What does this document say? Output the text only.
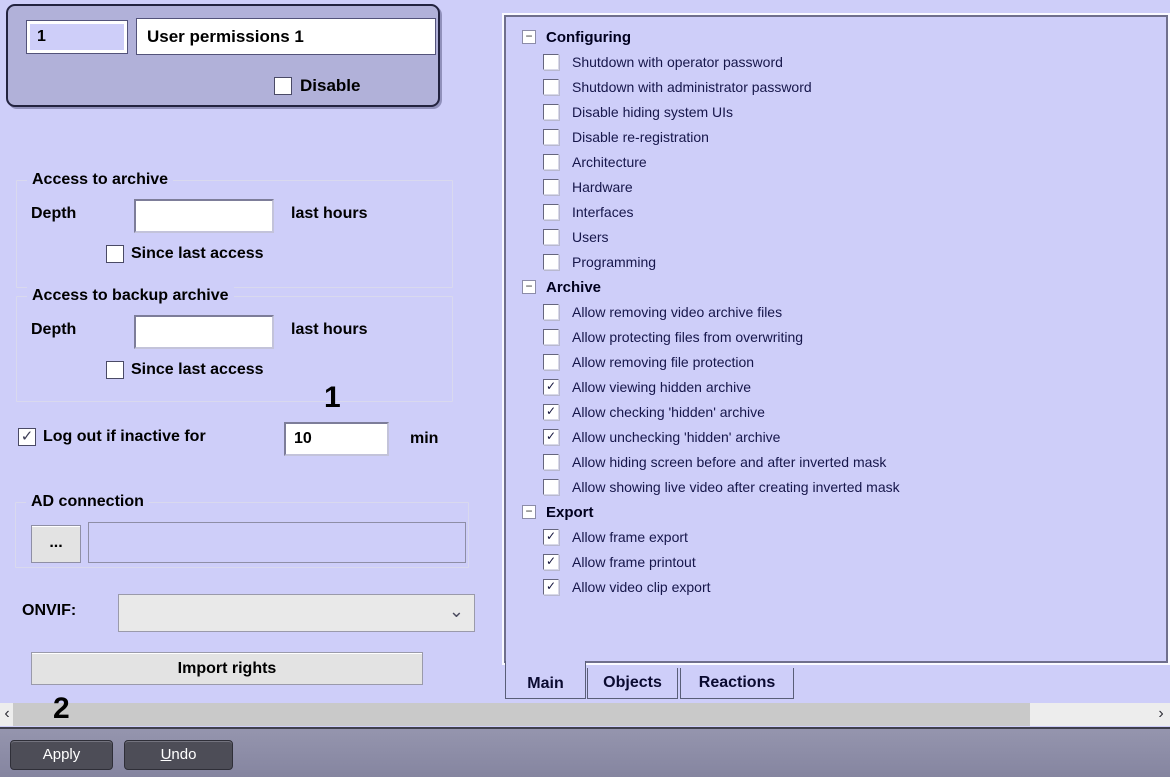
1
User permissions 1
Disable
Access to archive
Depth	last hours
Since last access
Access to backup archive
Depth	last hours
Since last access
✓ Log out if inactive for
10	min
AD connection
...
ONVIF:	⌄
Import rights
− Configuring
Shutdown with operator password
Shutdown with administrator password
Disable hiding system UIs
Disable re-registration
Architecture
Hardware
Interfaces
Users
Programming
− Archive
Allow removing video archive files
Allow protecting files from overwriting
Allow removing file protection
✓ Allow viewing hidden archive
✓ Allow checking 'hidden' archive
✓ Allow unchecking 'hidden' archive
Allow hiding screen before and after inverted mask
Allow showing live video after creating inverted mask
− Export
✓ Allow frame export
✓ Allow frame printout
✓ Allow video clip export
Main	Objects	Reactions
‹	›
Apply	Undo
1
2
